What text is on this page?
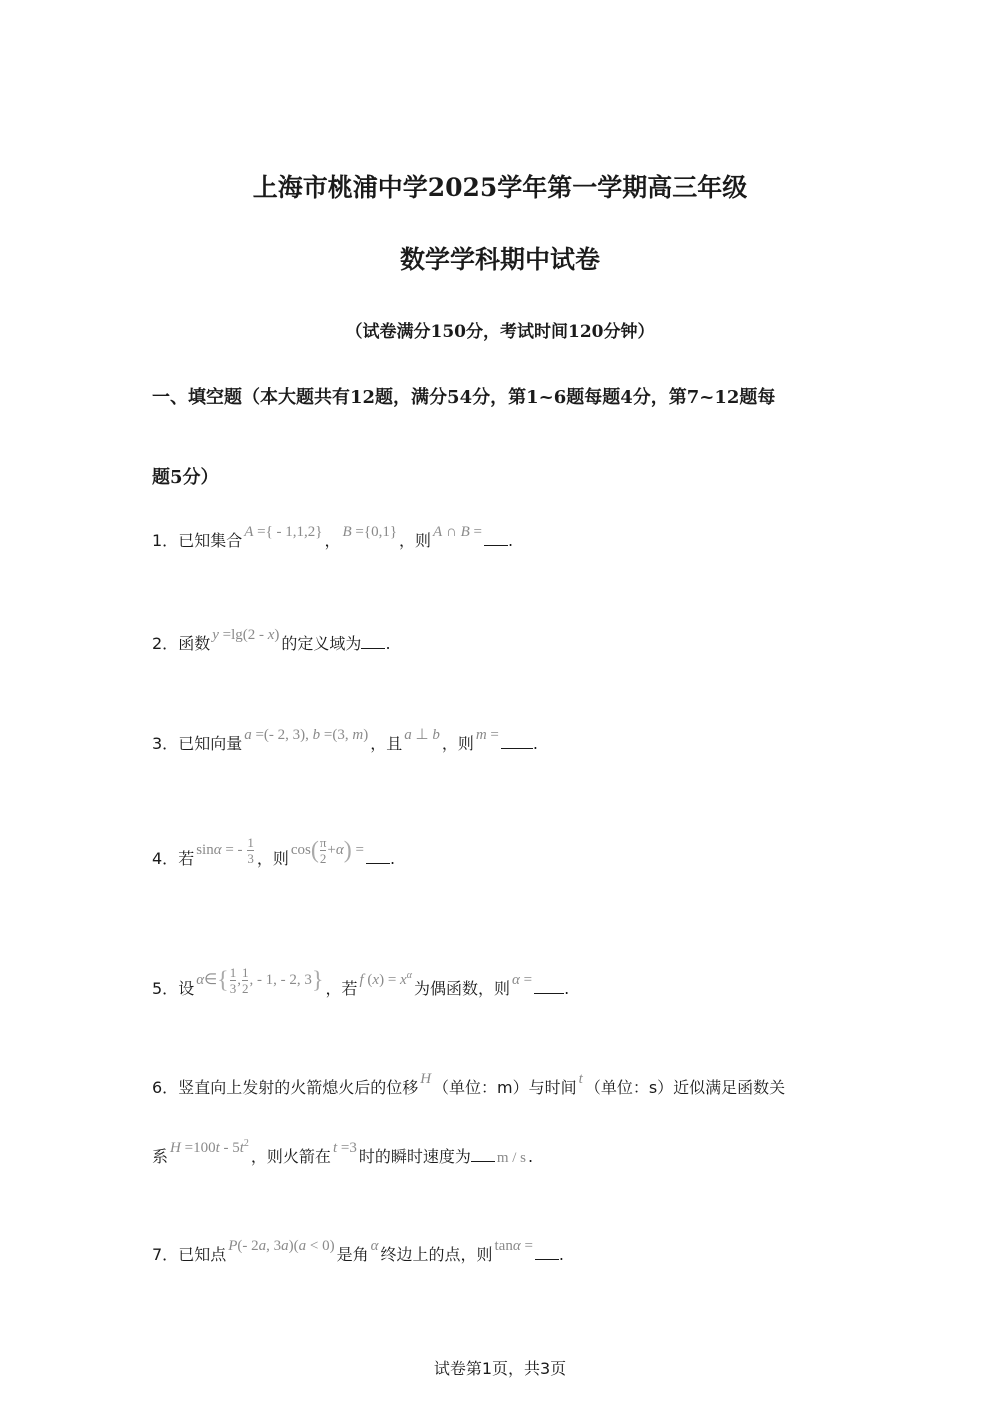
上海市桃浦中学2025学年第一学期高三年级
数学学科期中试卷
（试卷满分150分，考试时间120分钟）
一、填空题（本大题共有12题，满分54分，第1~6题每题4分，第7~12题每
题5分）
1．已知集合 A ={ - 1,1,2} ， B ={0,1} ，则 A ∩ B = .
2．函数 y =lg(2 - x) 的定义域为 .
3．已知向量 a =(- 2, 3), b =(3, m) ，且 a ⊥ b ，则 m = .
4．若 sinα = - $\frac{1}{3}$ ，则 $\cos( \frac{\pi}{2} +\alpha)$ = .
5．设 α∈{ $\frac{1}{3}$ , $\frac{1}{2}$ , - 1, - 2, 3} ，若 f $(x) = x^\alpha$为偶函数，则 α = .
6．竖直向上发射的火箭熄火后的位移 H （单位：m）与时间 t （单位：s）近似满足函数关
系 $H =100t - 5t^2$，则火箭在 t =3 时的瞬时速度为 m / s .
7．已知点 P(- 2a, 3a)(a < 0) 是角 α 终边上的点，则 tanα = .
试卷第1页，共3页
